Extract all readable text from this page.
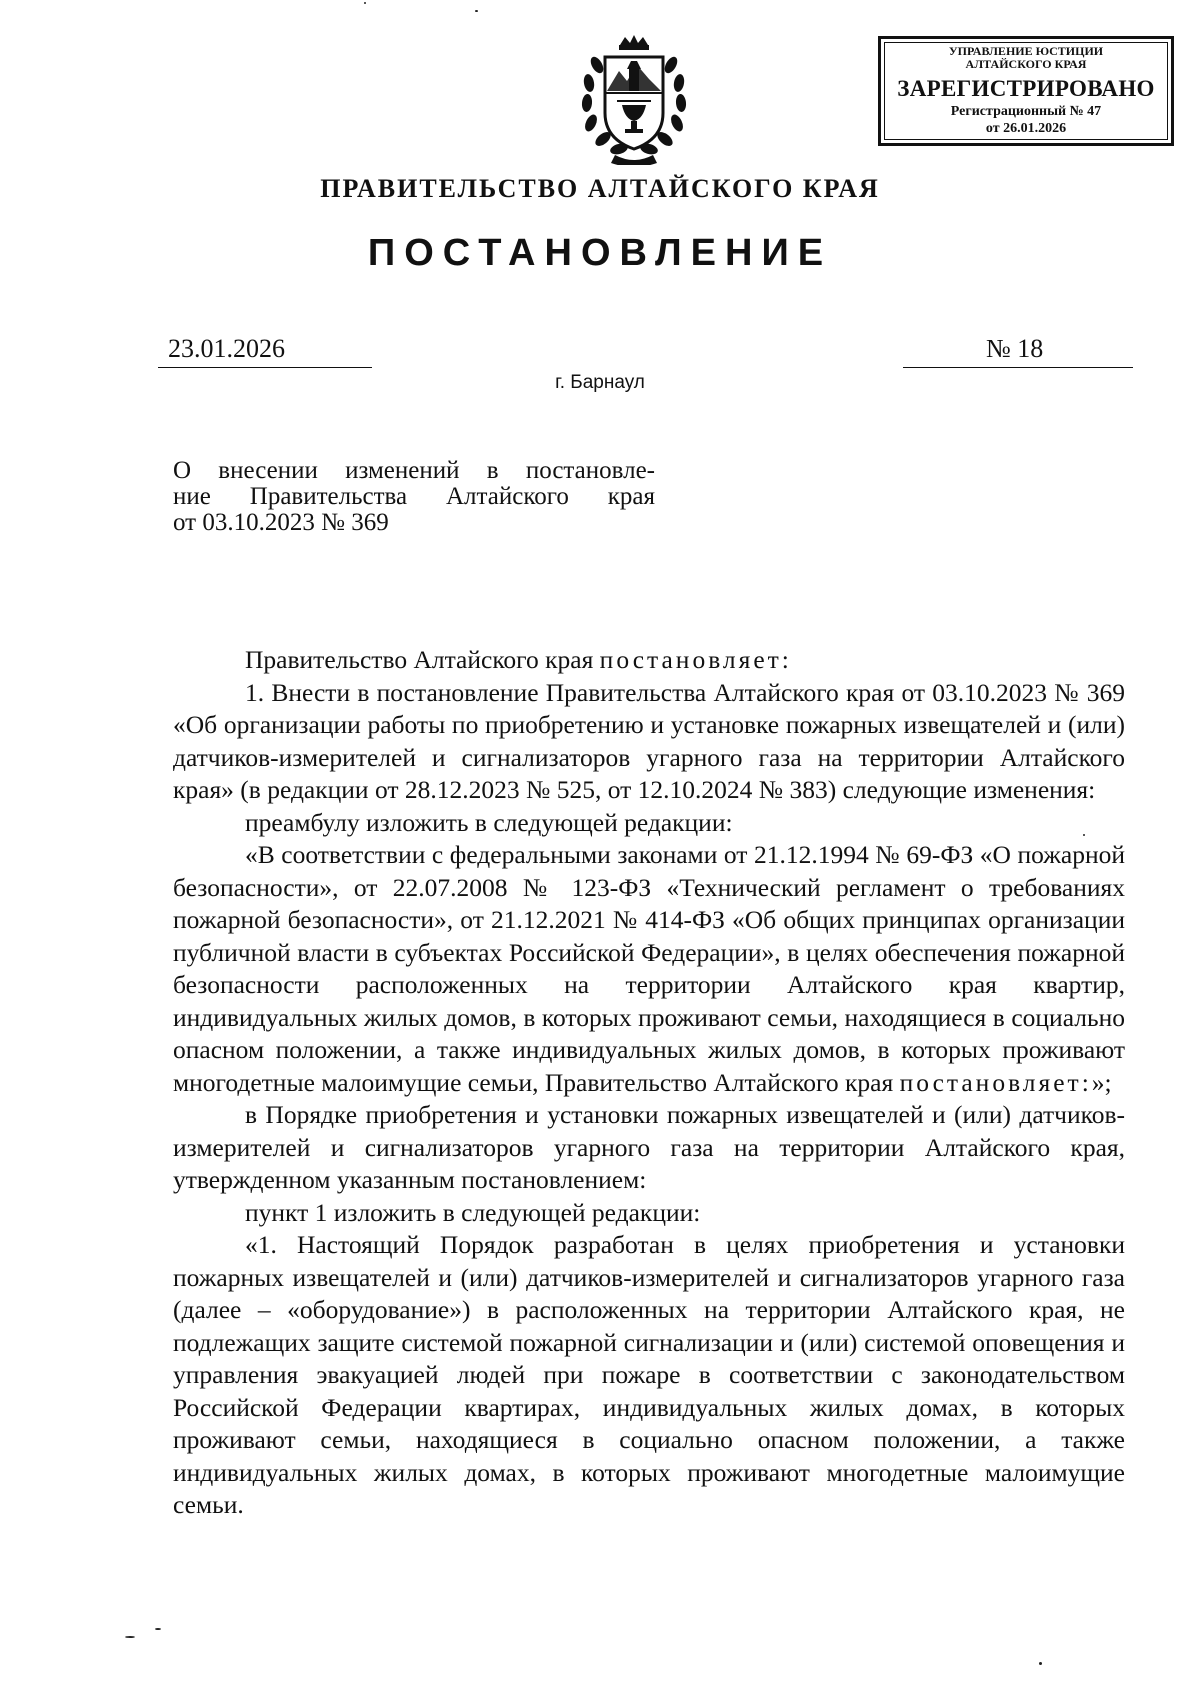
УПРАВЛЕНИЕ ЮСТИЦИИ
АЛТАЙСКОГО КРАЯ
ЗАРЕГИСТРИРОВАНО
Регистрационный № 47
от 26.01.2026
ПРАВИТЕЛЬСТВО АЛТАЙСКОГО КРАЯ
ПОСТАНОВЛЕНИЕ
23.01.2026	№ 18
г. Барнаул
О внесении изменений в постановле-
ние Правительства Алтайского края
от 03.10.2023 № 369

Правительство Алтайского края постановляет:

1. Внести в постановление Правительства Алтайского края от 03.10.2023 № 369 «Об организации работы по приобретению и установке пожарных извещателей и (или) датчиков-измерителей и сигнализаторов угарного газа на территории Алтайского края» (в редакции от 28.12.2023 № 525, от 12.10.2024 № 383) следующие изменения:

преамбулу изложить в следующей редакции:

«В соответствии с федеральными законами от 21.12.1994 № 69-ФЗ «О пожарной безопасности», от 22.07.2008 № 123-ФЗ «Технический регламент о требованиях пожарной безопасности», от 21.12.2021 № 414-ФЗ «Об общих принципах организации публичной власти в субъектах Российской Федерации», в целях обеспечения пожарной безопасности расположенных на территории Алтайского края квартир, индивидуальных жилых домов, в которых проживают семьи, находящиеся в социально опасном положении, а также индивидуальных жилых домов, в которых проживают многодетные малоимущие семьи, Правительство Алтайского края постановляет:»;

в Порядке приобретения и установки пожарных извещателей и (или) датчиков-измерителей и сигнализаторов угарного газа на территории Алтайского края, утвержденном указанным постановлением:

пункт 1 изложить в следующей редакции:

«1. Настоящий Порядок разработан в целях приобретения и установки пожарных извещателей и (или) датчиков-измерителей и сигнализаторов угарного газа (далее – «оборудование») в расположенных на территории Алтайского края, не подлежащих защите системой пожарной сигнализации и (или) системой оповещения и управления эвакуацией людей при пожаре в соответствии с законодательством Российской Федерации квартирах, индивидуальных жилых домах, в которых проживают семьи, находящиеся в социально опасном положении, а также индивидуальных жилых домах, в которых проживают многодетные малоимущие семьи.
